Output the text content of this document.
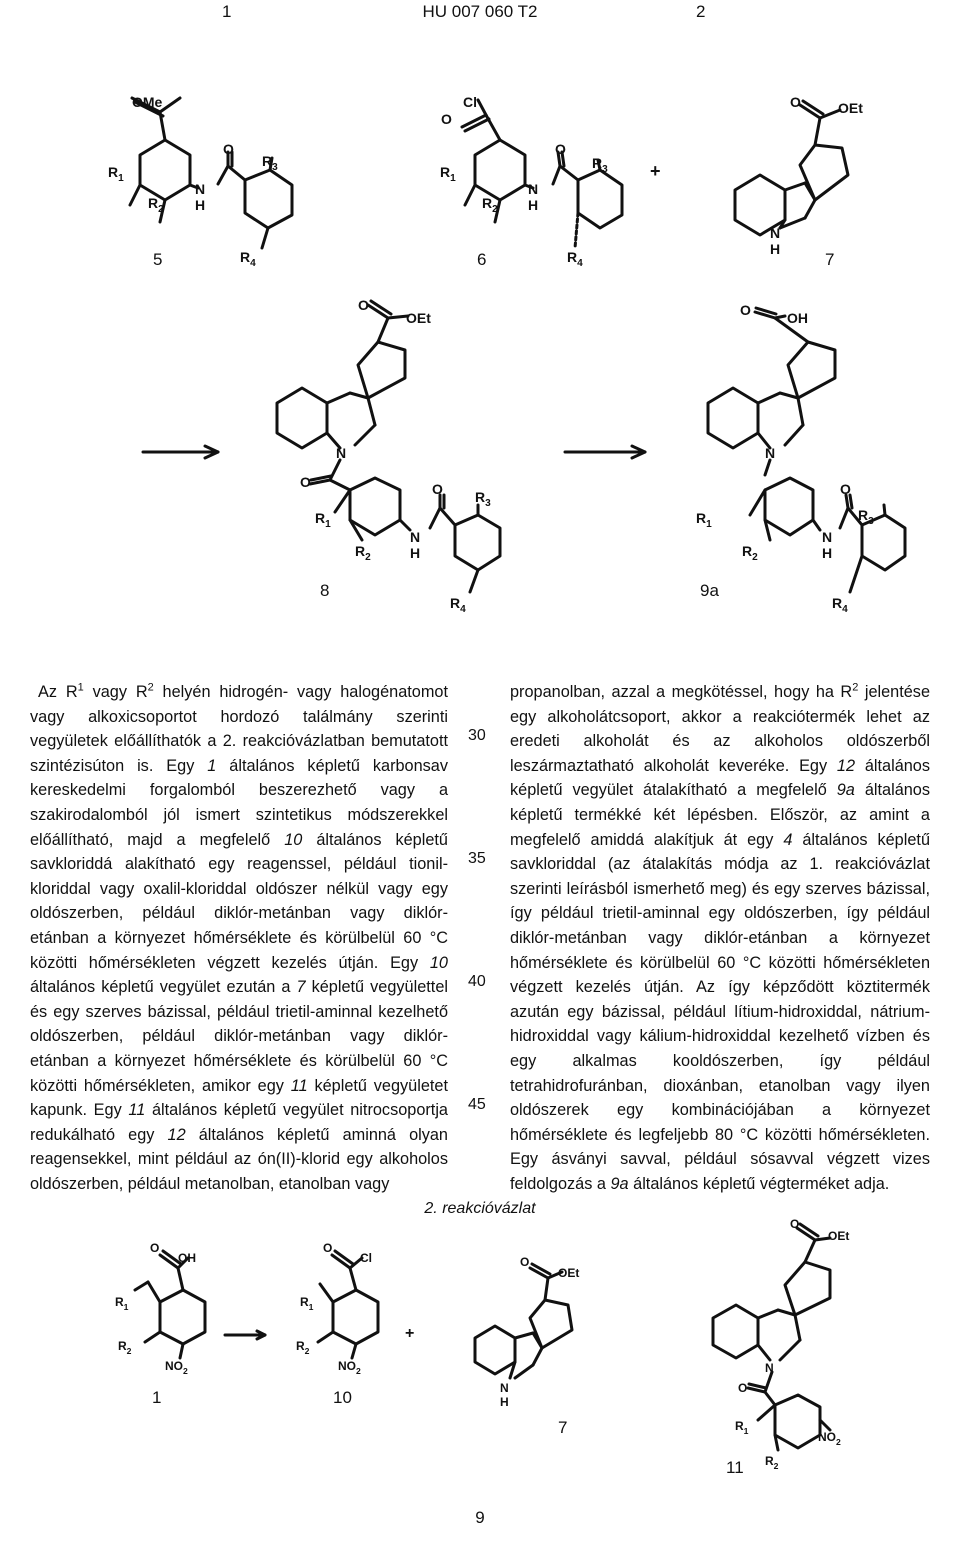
1	HU 007 060 T2	2
OMe
$R_1$
$R_2$
N
H
O
$R_3$
$R_4$
Cl
O
$R_1$
$R_2$
N
H
O
$R_3$
$R_4$
+
O	OEt
N
H
O
OEt
N
O
$R_1$
$R_2$
N
H
O $R_3$
$R_4$
O	OH
N
$R_1$
$R_2$
N
H
O
$R_3$
$R_4$
5	6	7
8	9a
O
OH
$R_1$
$R_2$
$NO_2$
O
Cl
$R_1$
$R_2$
$NO_2$
+
O
OEt
N
H
O
OEt
N
O
$R_1$
$R_2$
$NO_2$
1	10
7
11

Az $R^1$ vagy $R^2$ helyén hidrogén- vagy halogénatomot vagy alkoxicsoportot hordozó találmány szerinti vegyületek előállíthatók a 2. reakcióvázlatban bemutatott szintézisúton is. Egy 1 általános képletű karbonsav kereskedelmi forgalomból beszerezhető vagy a szakirodalomból jól ismert szintetikus módszerekkel előállítható, majd a megfelelő 10 általános képletű savkloriddá alakítható egy reagenssel, például tionil-kloriddal vagy oxalil-kloriddal oldószer nélkül vagy egy oldószerben, például diklór-metánban vagy diklór-etánban a környezet hőmérséklete és körülbelül 60 °C közötti hőmérsékleten végzett kezelés útján. Egy 10 általános képletű vegyület ezután a 7 képletű vegyülettel és egy szerves bázissal, például trietil-aminnal kezelhető oldószerben, például diklór-metánban vagy diklór-etánban a környezet hőmérséklete és körülbelül 60 °C közötti hőmérsékleten, amikor egy 11 képletű vegyületet kapunk. Egy 11 általános képletű vegyület nitrocsoportja redukálható egy 12 általános képletű aminná olyan reagensekkel, mint például az ón(II)-klorid egy alkoholos oldószerben, például metanolban, etanolban vagy

30
35
40
45

propanolban, azzal a megkötéssel, hogy ha $R^2$ jelentése egy alkoholátcsoport, akkor a reakciótermék lehet az eredeti alkoholát és az alkoholos oldószerből leszármaztatható alkoholát keveréke. Egy 12 általános képletű vegyület átalakítható a megfelelő 9a általános képletű termékké két lépésben. Először, az amint a megfelelő amiddá alakítjuk át egy 4 általános képletű savkloriddal (az átalakítás módja az 1. reakcióvázlat szerinti leírásból ismerhető meg) és egy szerves bázissal, így például trietil-aminnal egy oldószerben, így például diklór-metánban vagy diklór-etánban a környezet hőmérséklete és körülbelül 60 °C közötti hőmérsékleten végzett kezelés útján. Az így képződött köztitermék azután egy bázissal, például lítium-hidroxiddal, nátrium-hidroxiddal vagy kálium-hidroxiddal kezelhető vízben és egy alkalmas kooldószerben, így például tetrahidrofuránban, dioxánban, etanolban vagy ilyen oldószerek egy kombinációjában a környezet hőmérséklete és legfeljebb 80 °C közötti hőmérsékleten. Egy ásványi savval, például sósavval végzett vizes feldolgozás a 9a általános képletű végterméket adja.

2. reakcióvázlat
9
